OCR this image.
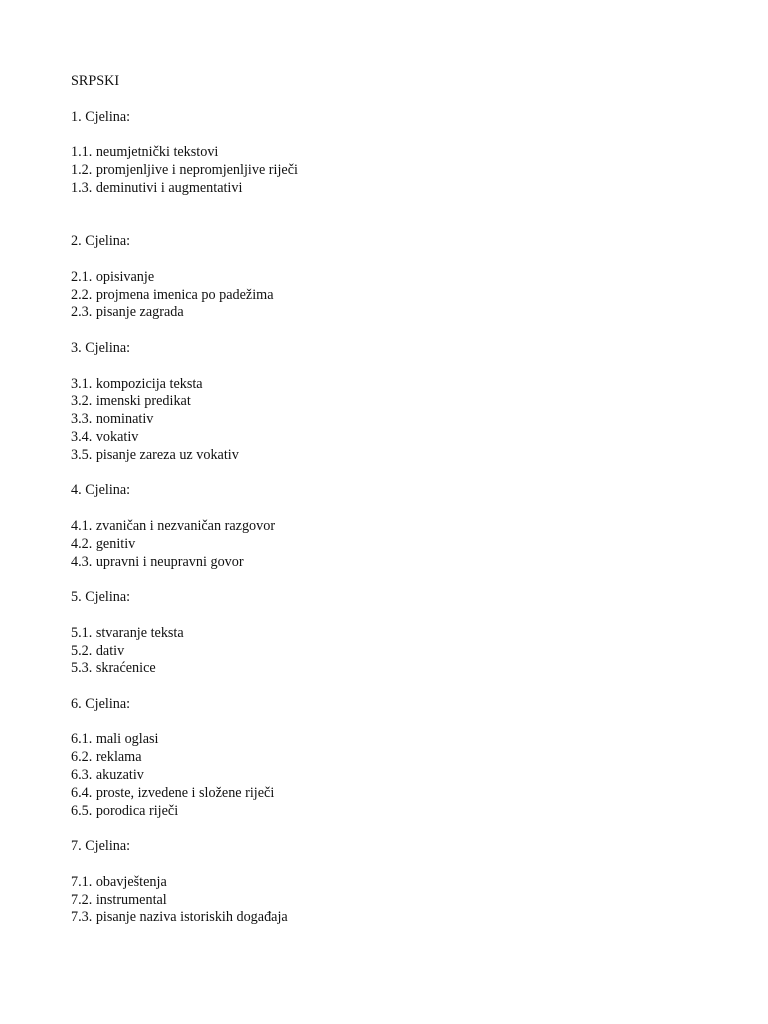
SRPSKI
1. Cjelina:
1.1. neumjetnički tekstovi
1.2. promjenljive i nepromjenljive riječi
1.3. deminutivi i augmentativi
2. Cjelina:
2.1. opisivanje
2.2. projmena imenica po padežima
2.3. pisanje zagrada
3. Cjelina:
3.1. kompozicija teksta
3.2. imenski predikat
3.3. nominativ
3.4. vokativ
3.5. pisanje zareza uz vokativ
4. Cjelina:
4.1. zvaničan i nezvaničan razgovor
4.2. genitiv
4.3. upravni i neupravni govor
5. Cjelina:
5.1. stvaranje teksta
5.2. dativ
5.3. skraćenice
6. Cjelina:
6.1. mali oglasi
6.2. reklama
6.3. akuzativ
6.4. proste, izvedene i složene riječi
6.5. porodica riječi
7. Cjelina:
7.1. obavještenja
7.2. instrumental
7.3. pisanje naziva istoriskih događaja
